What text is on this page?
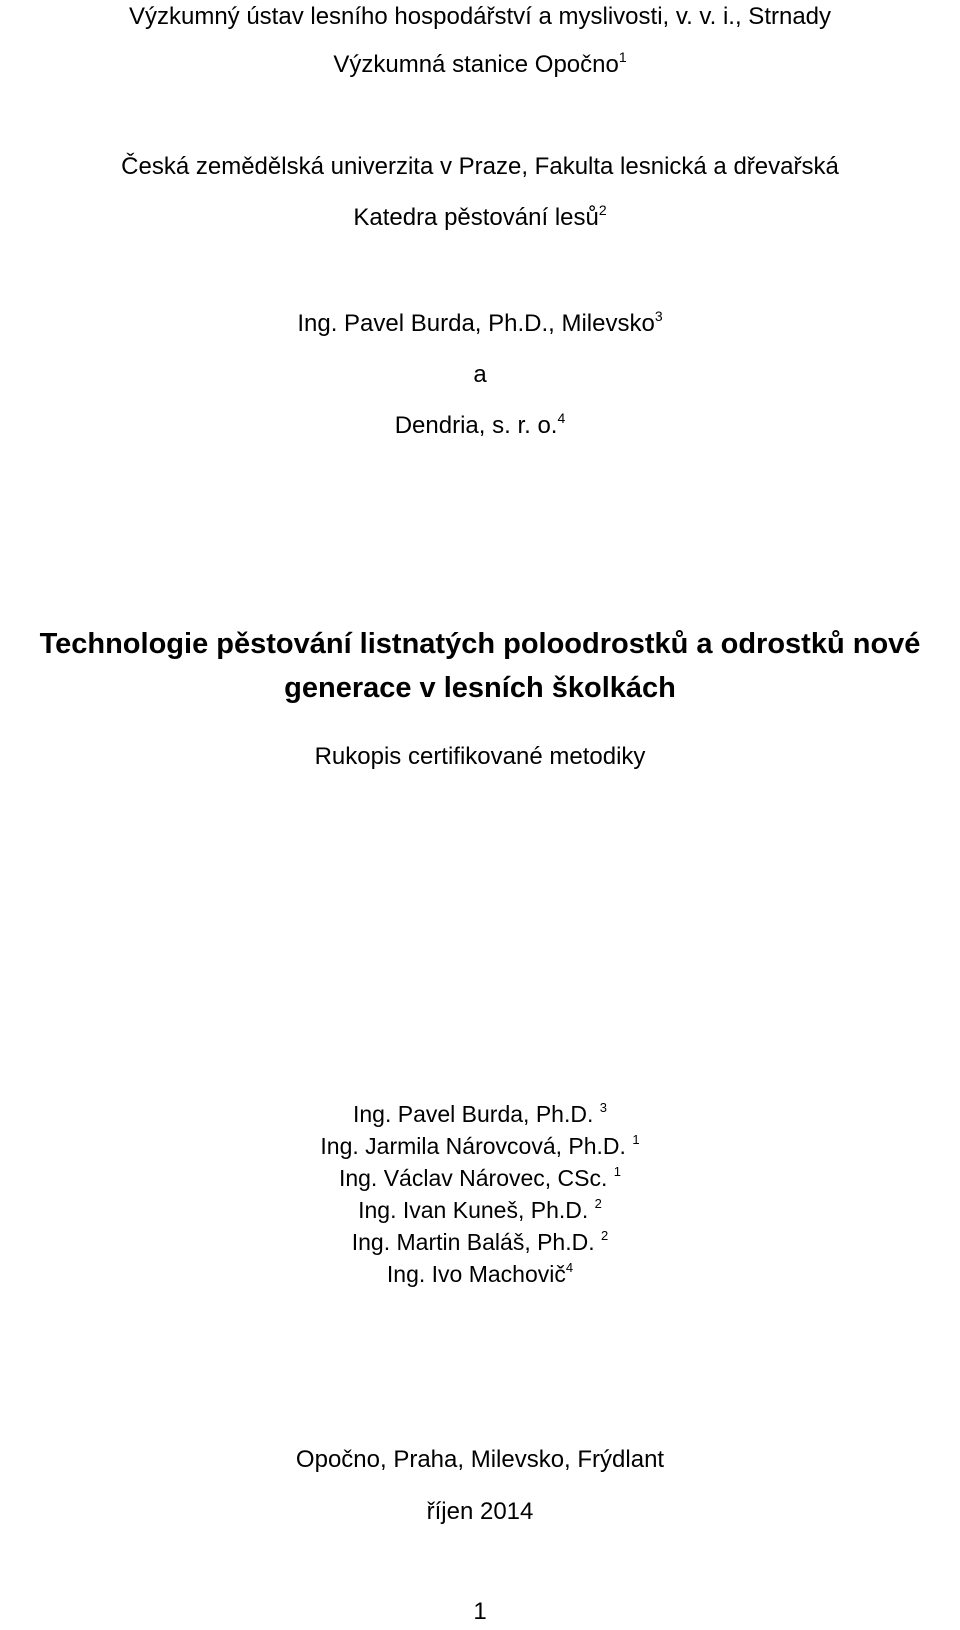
Výzkumný ústav lesního hospodářství a myslivosti, v. v. i., Strnady
Výzkumná stanice Opočno$^1$
Česká zemědělská univerzita v Praze, Fakulta lesnická a dřevařská
Katedra pěstování lesů$^2$
Ing. Pavel Burda, Ph.D., Milevsko$^3$
a
Dendria, s. r. o.$^4$
Technologie pěstování listnatých poloodrostků a odrostků nové
generace v lesních školkách
Rukopis certifikované metodiky
Ing. Pavel Burda, Ph.D. $^3$
Ing. Jarmila Nárovcová, Ph.D. $^1$
Ing. Václav Nárovec, CSc. $^1$
Ing. Ivan Kuneš, Ph.D. $^2$
Ing. Martin Baláš, Ph.D. $^2$
Ing. Ivo Machovič$^4$
Opočno, Praha, Milevsko, Frýdlant
říjen 2014
1
